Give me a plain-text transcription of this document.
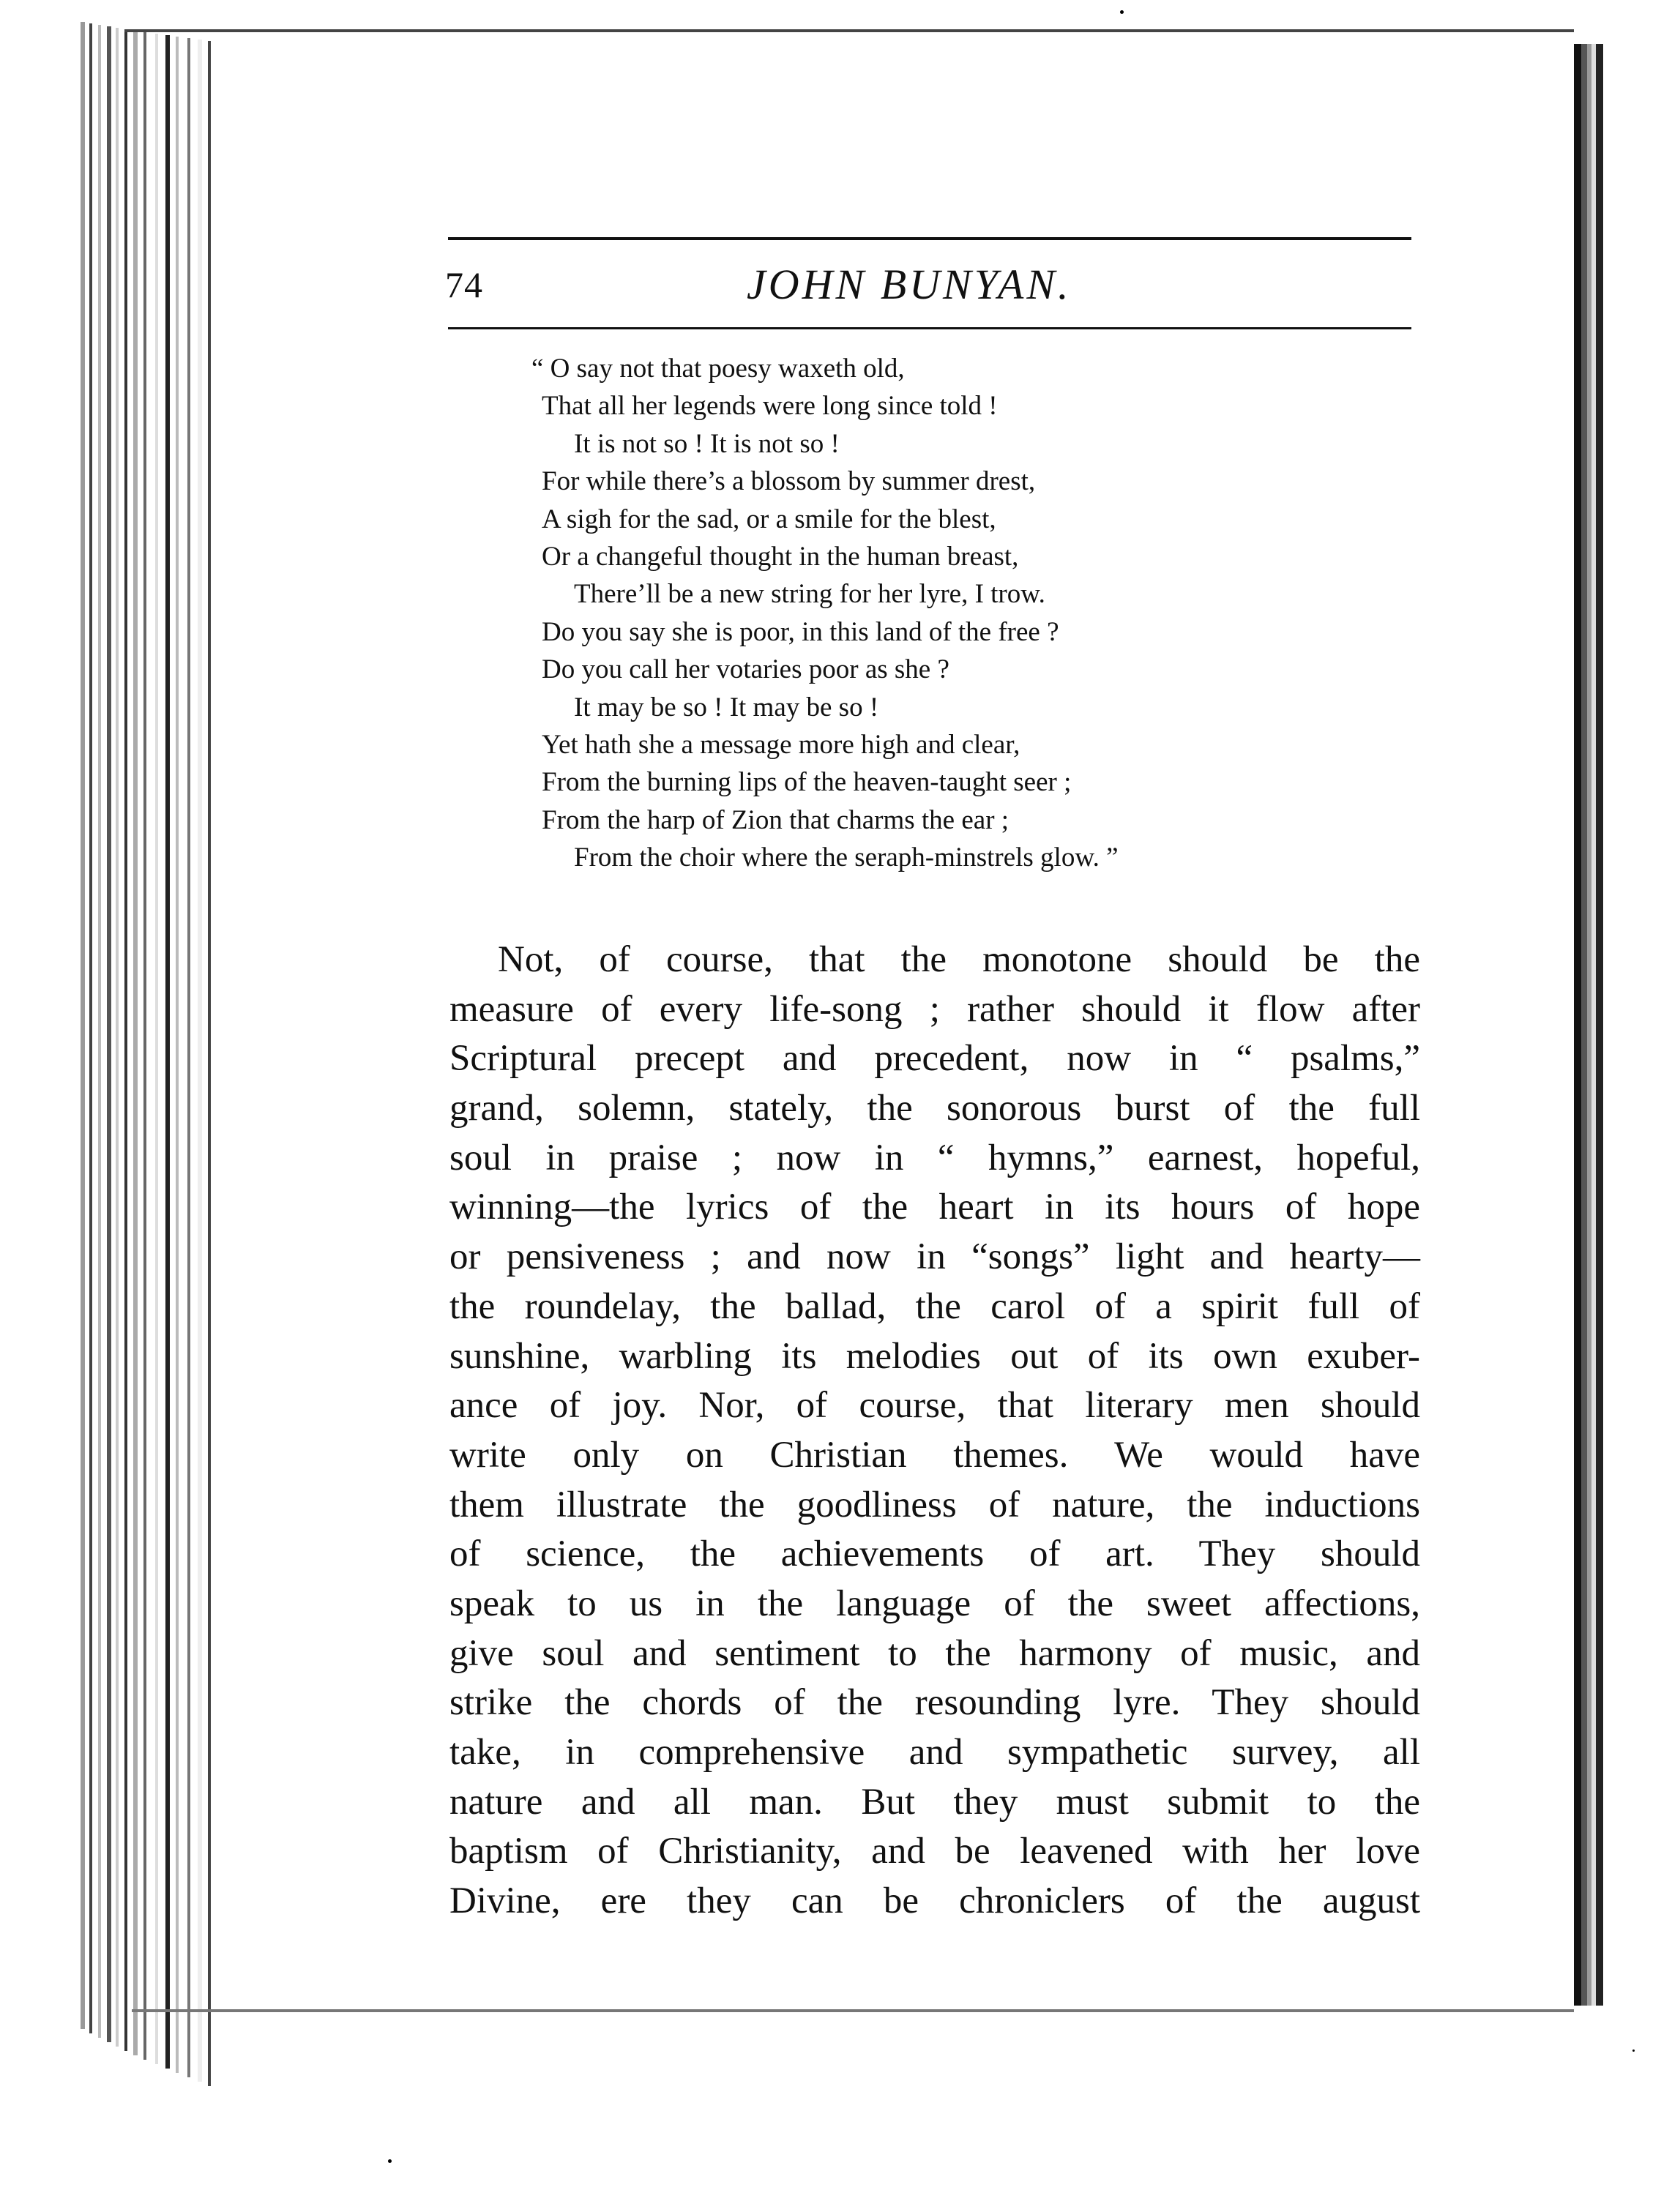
74	JOHN BUNYAN.
“ O say not that poesy waxeth old,
That all her legends were long since told !
It is not so ! It is not so !
For while there’s a blossom by summer drest,
A sigh for the sad, or a smile for the blest,
Or a changeful thought in the human breast,
There’ll be a new string for her lyre, I trow.
Do you say she is poor, in this land of the free ?
Do you call her votaries poor as she ?
It may be so ! It may be so !
Yet hath she a message more high and clear,
From the burning lips of the heaven-taught seer ;
From the harp of Zion that charms the ear ;
From the choir where the seraph-minstrels glow. ”
Not, of course, that the monotone should be the
measure of every life-song ; rather should it flow after
Scriptural precept and precedent, now in “ psalms,”
grand, solemn, stately, the sonorous burst of the full
soul in praise ; now in “ hymns,” earnest, hopeful,
winning—the lyrics of the heart in its hours of hope
or pensiveness ; and now in “songs” light and hearty—
the roundelay, the ballad, the carol of a spirit full of
sunshine, warbling its melodies out of its own exuber-
ance of joy. Nor, of course, that literary men should
write only on Christian themes. We would have
them illustrate the goodliness of nature, the inductions
of science, the achievements of art. They should
speak to us in the language of the sweet affections,
give soul and sentiment to the harmony of music, and
strike the chords of the resounding lyre. They should
take, in comprehensive and sympathetic survey, all
nature and all man. But they must submit to the
baptism of Christianity, and be leavened with her love
Divine, ere they can be chroniclers of the august
